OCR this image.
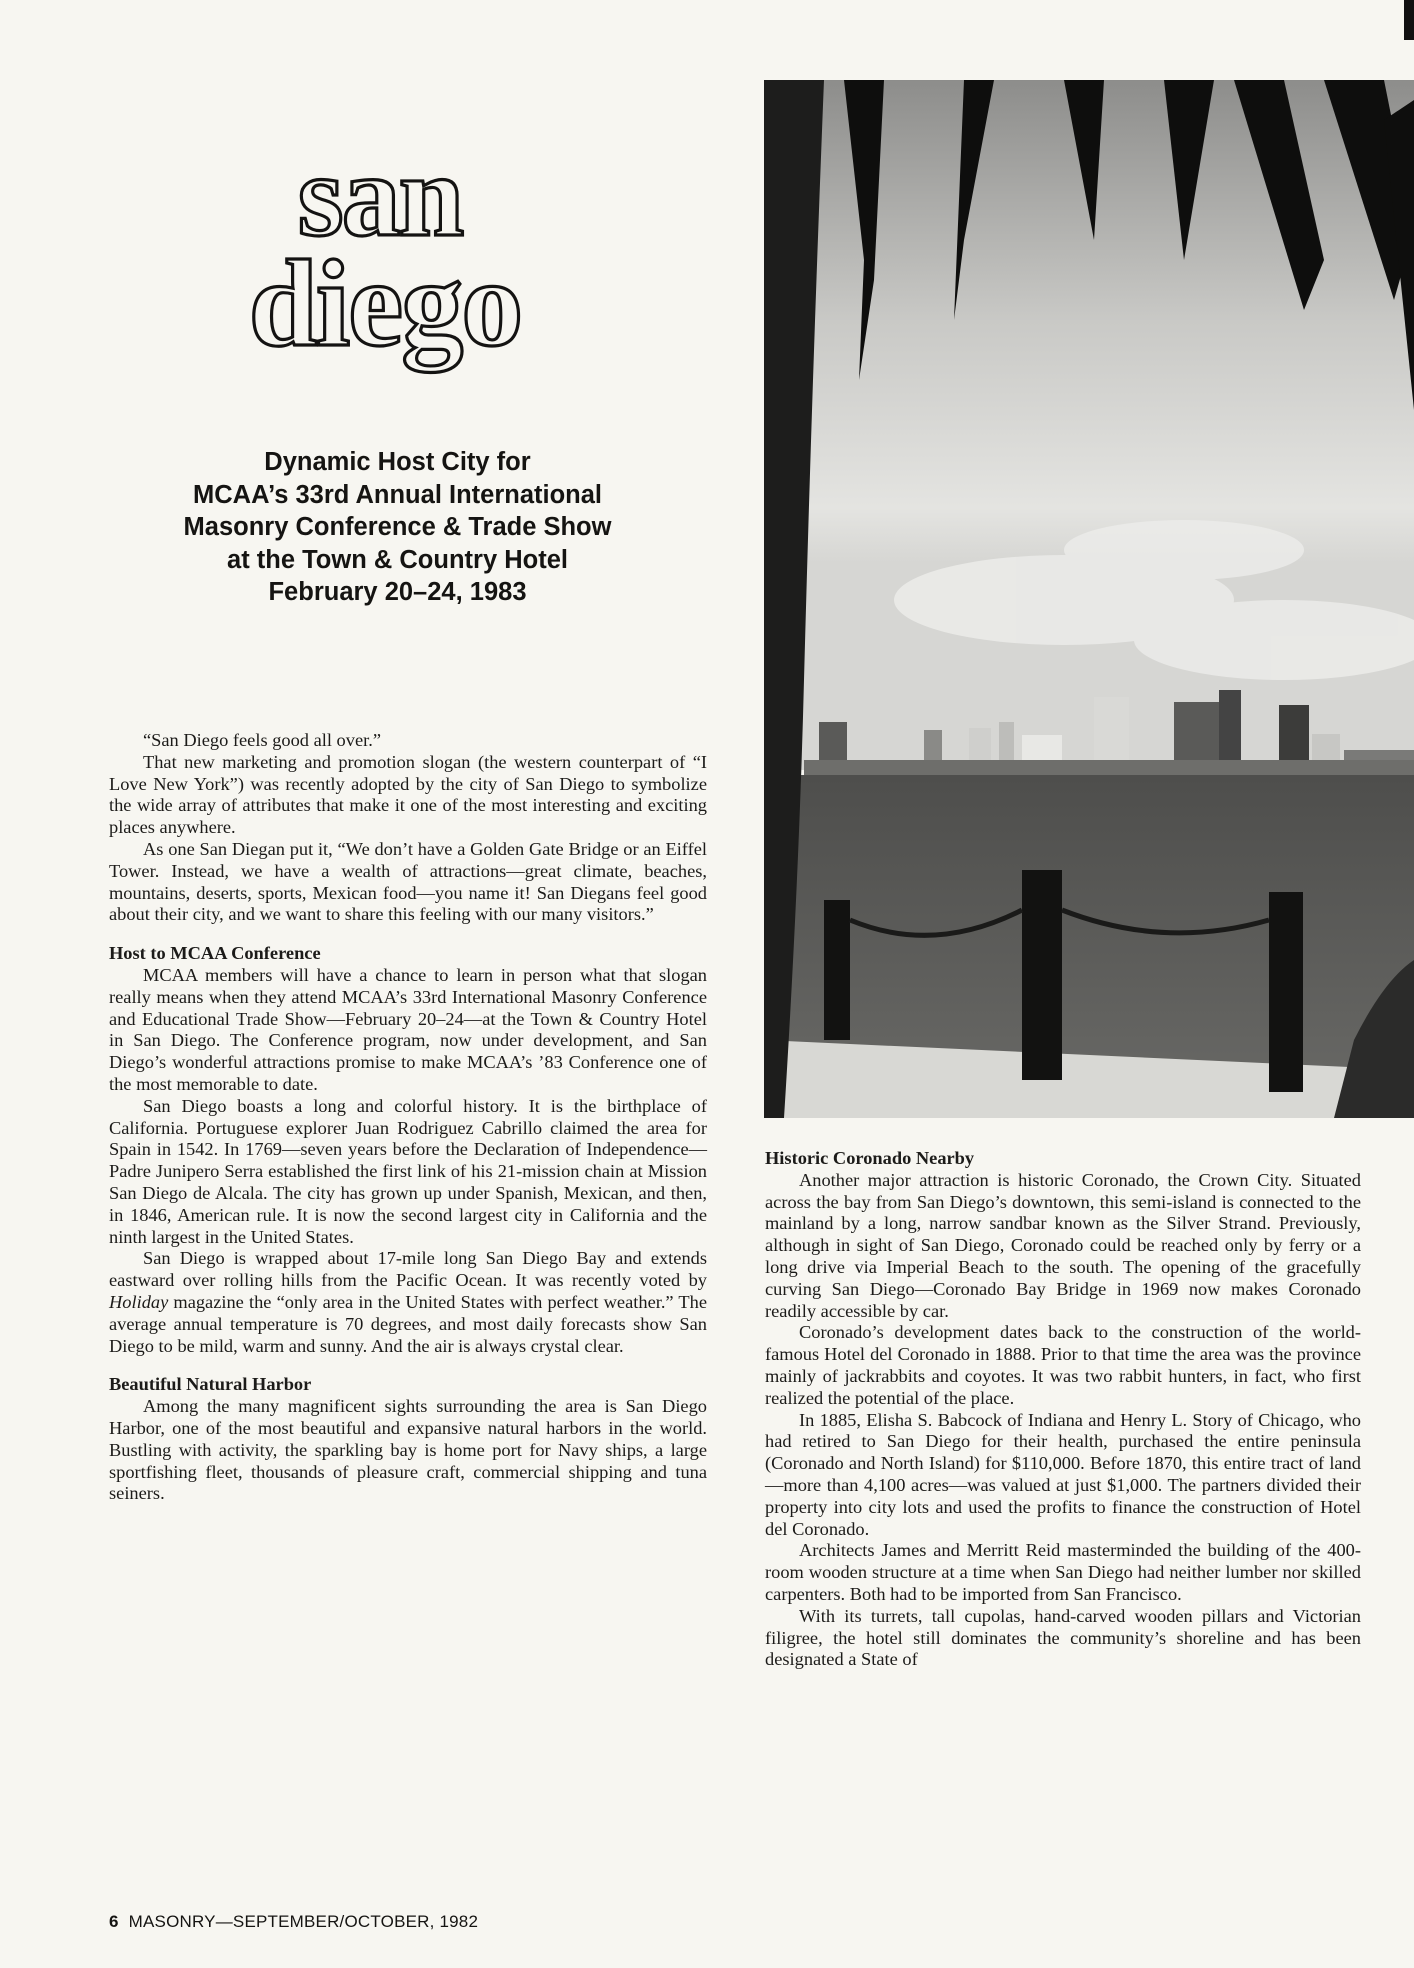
san
diego
Dynamic Host City for
MCAA’s 33rd Annual International
Masonry Conference & Trade Show
at the Town & Country Hotel
February 20–24, 1983

“San Diego feels good all over.”

That new marketing and promotion slogan (the western counterpart of “I Love New York”) was recently adopted by the city of San Diego to symbolize the wide array of attributes that make it one of the most interesting and exciting places anywhere.

As one San Diegan put it, “We don’t have a Golden Gate Bridge or an Eiffel Tower. Instead, we have a wealth of attractions—great climate, beaches, mountains, deserts, sports, Mexican food—you name it! San Diegans feel good about their city, and we want to share this feeling with our many visitors.”

Host to MCAA Conference

MCAA members will have a chance to learn in person what that slogan really means when they attend MCAA’s 33rd International Masonry Conference and Educational Trade Show—February 20–24—at the Town & Country Hotel in San Diego. The Conference program, now under development, and San Diego’s wonderful attractions promise to make MCAA’s ’83 Conference one of the most memorable to date.

San Diego boasts a long and colorful history. It is the birthplace of California. Portuguese explorer Juan Rodriguez Cabrillo claimed the area for Spain in 1542. In 1769—seven years before the Declaration of Independence—Padre Junipero Serra established the first link of his 21-mission chain at Mission San Diego de Alcala. The city has grown up under Spanish, Mexican, and then, in 1846, American rule. It is now the second largest city in California and the ninth largest in the United States.

San Diego is wrapped about 17-mile long San Diego Bay and extends eastward over rolling hills from the Pacific Ocean. It was recently voted by Holiday magazine the “only area in the United States with perfect weather.” The average annual temperature is 70 degrees, and most daily forecasts show San Diego to be mild, warm and sunny. And the air is always crystal clear.

Beautiful Natural Harbor

Among the many magnificent sights surrounding the area is San Diego Harbor, one of the most beautiful and expansive natural harbors in the world. Bustling with activity, the sparkling bay is home port for Navy ships, a large sportfishing fleet, thousands of pleasure craft, commercial shipping and tuna seiners.

Historic Coronado Nearby

Another major attraction is historic Coronado, the Crown City. Situated across the bay from San Diego’s downtown, this semi-island is connected to the mainland by a long, narrow sandbar known as the Silver Strand. Previously, although in sight of San Diego, Coronado could be reached only by ferry or a long drive via Imperial Beach to the south. The opening of the gracefully curving San Diego—Coronado Bay Bridge in 1969 now makes Coronado readily accessible by car.

Coronado’s development dates back to the construction of the world-famous Hotel del Coronado in 1888. Prior to that time the area was the province mainly of jackrabbits and coyotes. It was two rabbit hunters, in fact, who first realized the potential of the place.

In 1885, Elisha S. Babcock of Indiana and Henry L. Story of Chicago, who had retired to San Diego for their health, purchased the entire peninsula (Coronado and North Island) for $110,000. Before 1870, this entire tract of land—more than 4,100 acres—was valued at just $1,000. The partners divided their property into city lots and used the profits to finance the construction of Hotel del Coronado.

Architects James and Merritt Reid masterminded the building of the 400-room wooden structure at a time when San Diego had neither lumber nor skilled carpenters. Both had to be imported from San Francisco.

With its turrets, tall cupolas, hand-carved wooden pillars and Victorian filigree, the hotel still dominates the community’s shoreline and has been designated a State of

6 MASONRY—SEPTEMBER/OCTOBER, 1982
